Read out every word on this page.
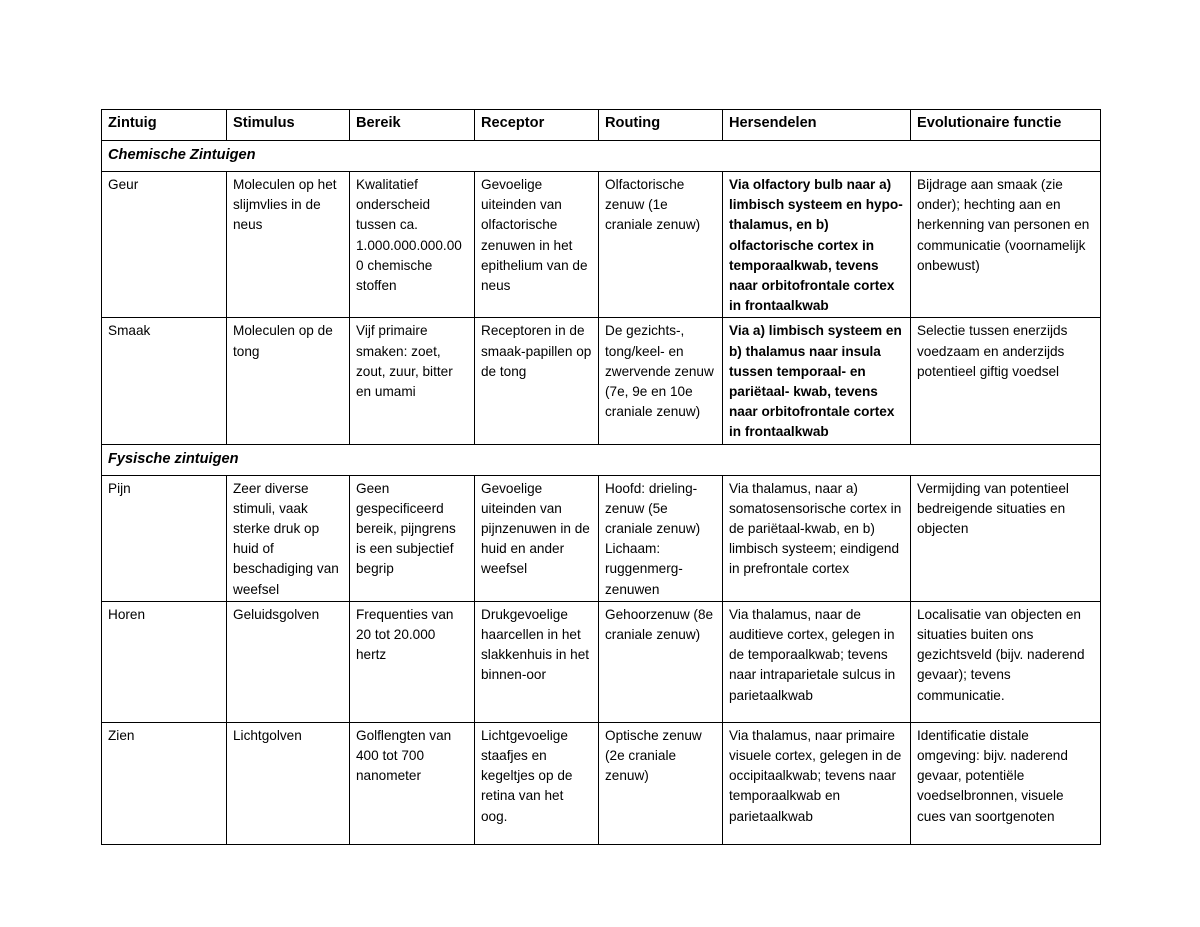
Zintuig	Stimulus	Bereik	Receptor	Routing	Hersendelen	Evolutionaire functie
Chemische Zintuigen						
Geur	Moleculen op het slijmvlies in de neus	Kwalitatief onderscheid tussen ca. 1.000.000.000.000 chemische stoffen	Gevoelige uiteinden van olfactorische zenuwen in het epithelium van de neus	Olfactorische zenuw (1e craniale zenuw)	Via olfactory bulb naar a) limbisch systeem en hypo-thalamus, en b) olfactorische cortex in temporaalkwab, tevens naar orbitofrontale cortex in frontaalkwab	Bijdrage aan smaak (zie onder); hechting aan en herkenning van personen en communicatie (voornamelijk onbewust)
Smaak	Moleculen op de tong	Vijf primaire smaken: zoet, zout, zuur, bitter en umami	Receptoren in de smaak-papillen op de tong	De gezichts-, tong/keel- en zwervende zenuw (7e, 9e en 10e craniale zenuw)	Via a) limbisch systeem en b) thalamus naar insula tussen temporaal- en pariëtaal- kwab, tevens naar orbitofrontale cortex in frontaalkwab	Selectie tussen enerzijds voedzaam en anderzijds potentieel giftig voedsel
Fysische zintuigen						
Pijn	Zeer diverse stimuli, vaak sterke druk op huid of beschadiging van weefsel	Geen gespecificeerd bereik, pijngrens is een subjectief begrip	Gevoelige uiteinden van pijnzenuwen in de huid en ander weefsel	Hoofd: drieling-zenuw (5e craniale zenuw) Lichaam: ruggenmerg-zenuwen	Via thalamus, naar a) somatosensorische cortex in de pariëtaal-kwab, en b) limbisch systeem; eindigend in prefrontale cortex	Vermijding van potentieel bedreigende situaties en objecten
Horen	Geluidsgolven	Frequenties van 20 tot 20.000 hertz	Drukgevoelige haarcellen in het slakkenhuis in het binnen-oor	Gehoorzenuw (8e craniale zenuw)	Via thalamus, naar de auditieve cortex, gelegen in de temporaalkwab; tevens naar intraparietale sulcus in parietaalkwab	Localisatie van objecten en situaties buiten ons gezichtsveld (bijv. naderend gevaar); tevens communicatie.
Zien	Lichtgolven	Golflengten van 400 tot 700 nanometer	Lichtgevoelige staafjes en kegeltjes op de retina van het oog.	Optische zenuw (2e craniale zenuw)	Via thalamus, naar primaire visuele cortex, gelegen in de occipitaalkwab; tevens naar temporaalkwab en parietaalkwab	Identificatie distale omgeving: bijv. naderend gevaar, potentiële voedselbronnen, visuele cues van soortgenoten
